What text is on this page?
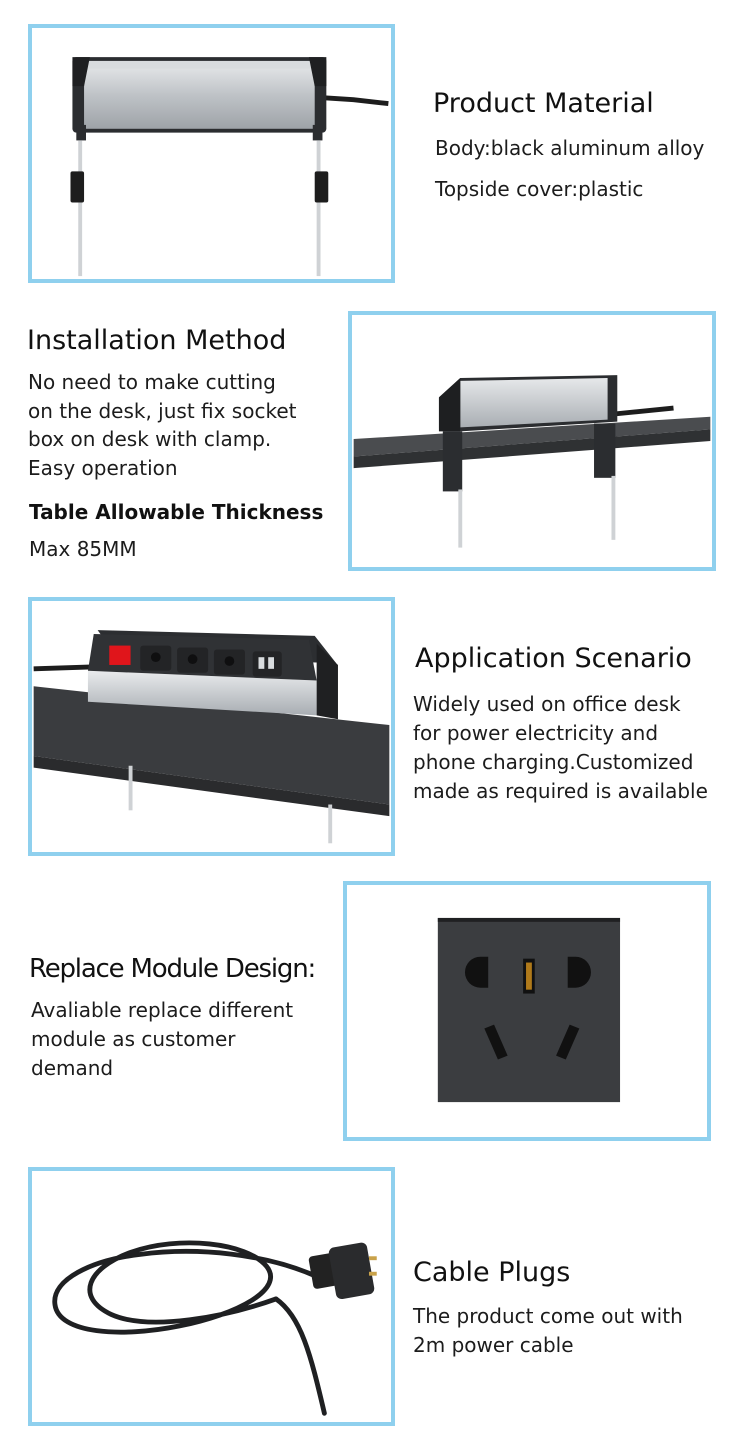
Product Material

Body:black aluminum alloy

Topside cover:plastic

Installation Method

No need to make cutting

on the desk, just fix socket

box on desk with clamp.

Easy operation

Table Allowable Thickness

Max 85MM

Application Scenario

Widely used on office desk

for power electricity and

phone charging.Customized

made as required is available

Replace Module Design:

Avaliable replace different

module as customer

demand

Cable Plugs

The product come out with

2m power cable
